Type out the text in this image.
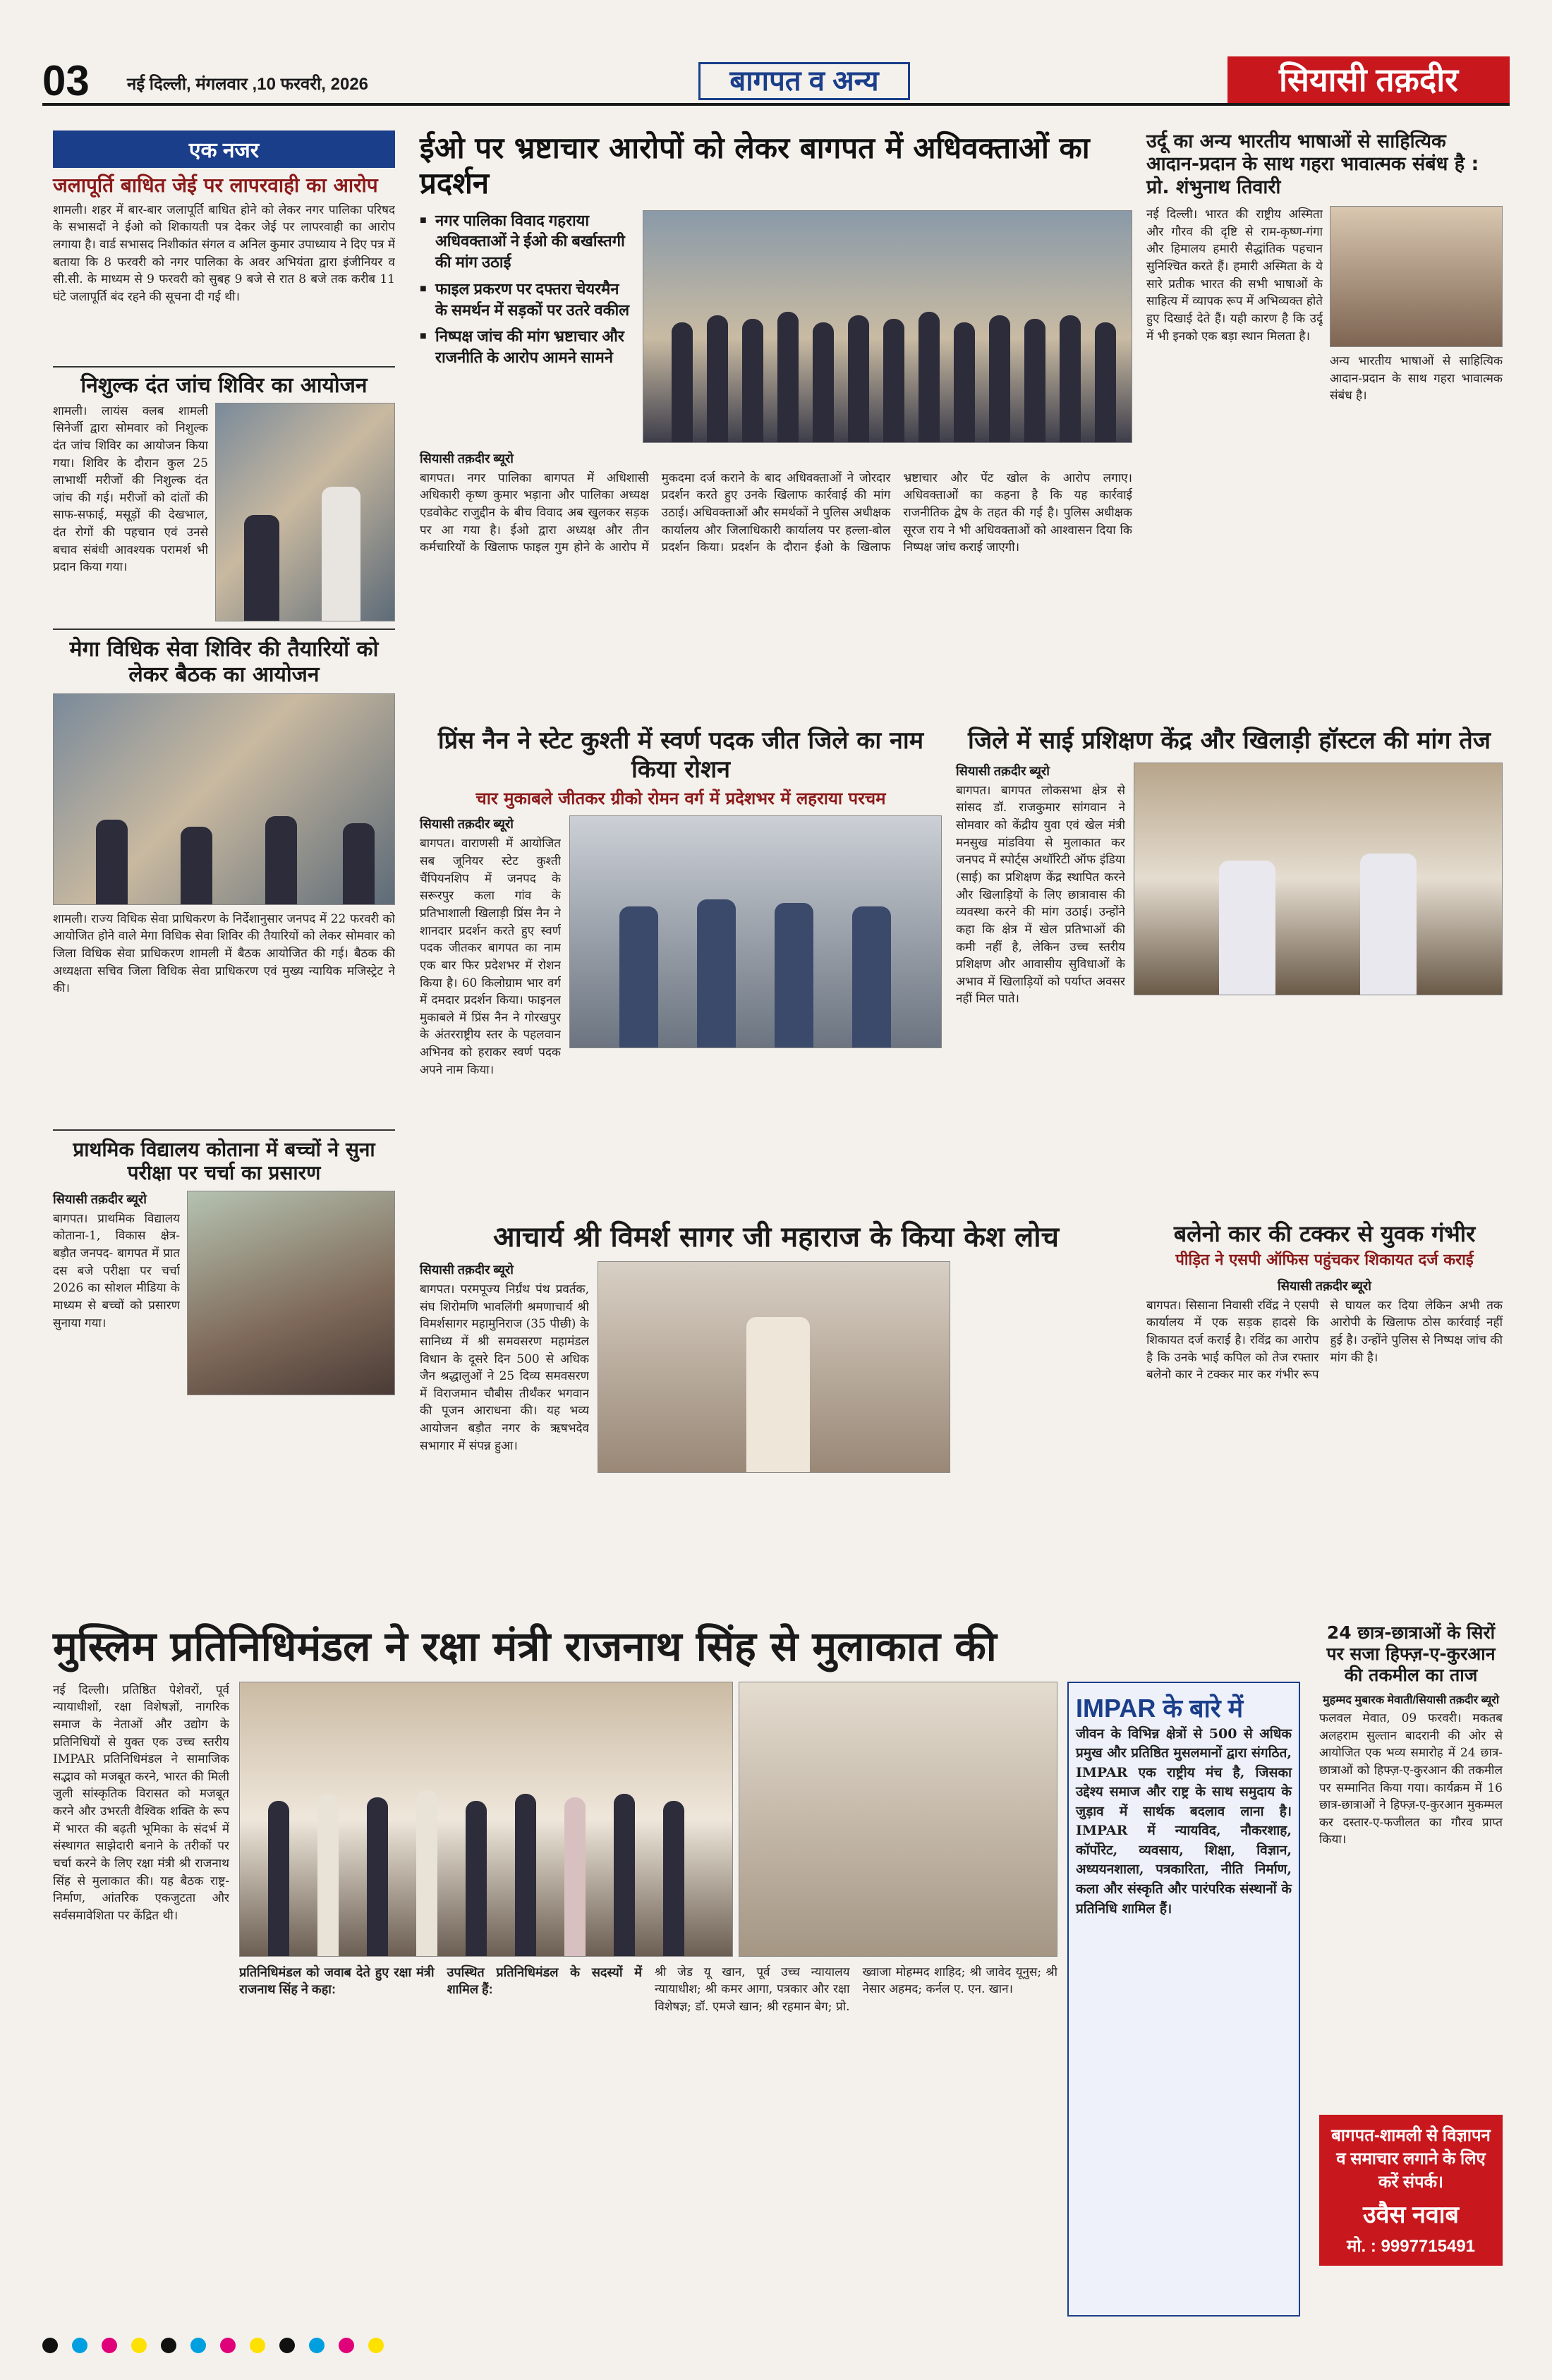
03 नई दिल्ली, मंगलवार ,10 फरवरी, 2026	बागपत व अन्य	सियासी तक़दीर
एक नजर
जलापूर्ति बाधित जेई पर लापरवाही का आरोप
शामली। शहर में बार-बार जलापूर्ति बाधित होने को लेकर नगर पालिका परिषद के सभासदों ने ईओ को शिकायती पत्र देकर जेई पर लापरवाही का आरोप लगाया है। वार्ड सभासद निशीकांत संगल व अनिल कुमार उपाध्याय ने दिए पत्र में बताया कि 8 फरवरी को नगर पालिका के अवर अभियंता द्वारा इंजीनियर व सी.सी. के माध्यम से 9 फरवरी को सुबह 9 बजे से रात 8 बजे तक करीब 11 घंटे जलापूर्ति बंद रहने की सूचना दी गई थी।
निशुल्क दंत जांच शिविर का आयोजन
शामली। लायंस क्लब शामली सिनेर्जी द्वारा सोमवार को निशुल्क दंत जांच शिविर का आयोजन किया गया। शिविर के दौरान कुल 25 लाभार्थी मरीजों की निशुल्क दंत जांच की गई। मरीजों को दांतों की साफ-सफाई, मसूड़ों की देखभाल, दंत रोगों की पहचान एवं उनसे बचाव संबंधी आवश्यक परामर्श भी प्रदान किया गया।
मेगा विधिक सेवा शिविर की तैयारियों को लेकर बैठक का आयोजन
शामली। राज्य विधिक सेवा प्राधिकरण के निर्देशानुसार जनपद में 22 फरवरी को आयोजित होने वाले मेगा विधिक सेवा शिविर की तैयारियों को लेकर सोमवार को जिला विधिक सेवा प्राधिकरण शामली में बैठक आयोजित की गई। बैठक की अध्यक्षता सचिव जिला विधिक सेवा प्राधिकरण एवं मुख्य न्यायिक मजिस्ट्रेट ने की।
प्राथमिक विद्यालय कोताना में बच्चों ने सुना परीक्षा पर चर्चा का प्रसारण
सियासी तक़दीर ब्यूरो
बागपत। प्राथमिक विद्यालय कोताना-1, विकास क्षेत्र- बड़ौत जनपद- बागपत में प्रात दस बजे परीक्षा पर चर्चा 2026 का सोशल मीडिया के माध्यम से बच्चों को प्रसारण सुनाया गया।
ईओ पर भ्रष्टाचार आरोपों को लेकर बागपत में अधिवक्ताओं का प्रदर्शन
■ नगर पालिका विवाद गहराया अधिवक्ताओं ने ईओ की बर्खास्तगी की मांग उठाई
■ फाइल प्रकरण पर दफ्तरा चेयरमैन के समर्थन में सड़कों पर उतरे वकील
■ निष्पक्ष जांच की मांग भ्रष्टाचार और राजनीति के आरोप आमने सामने
सियासी तक़दीर ब्यूरो
बागपत। नगर पालिका बागपत में अधिशासी अधिकारी कृष्ण कुमार भड़ाना और पालिका अध्यक्ष एडवोकेट राजुद्दीन के बीच विवाद अब खुलकर सड़क पर आ गया है। ईओ द्वारा अध्यक्ष और तीन कर्मचारियों के खिलाफ फाइल गुम होने के आरोप में मुकदमा दर्ज कराने के बाद अधिवक्ताओं ने जोरदार प्रदर्शन करते हुए उनके खिलाफ कार्रवाई की मांग उठाई। अधिवक्ताओं और समर्थकों ने पुलिस अधीक्षक कार्यालय और जिलाधिकारी कार्यालय पर हल्ला-बोल प्रदर्शन किया। प्रदर्शन के दौरान ईओ के खिलाफ भ्रष्टाचार और पेंट खोल के आरोप लगाए। अधिवक्ताओं का कहना है कि यह कार्रवाई राजनीतिक द्वेष के तहत की गई है। पुलिस अधीक्षक सूरज राय ने भी अधिवक्ताओं को आश्वासन दिया कि निष्पक्ष जांच कराई जाएगी।
उर्दू का अन्य भारतीय भाषाओं से साहित्यिक आदान-प्रदान के साथ गहरा भावात्मक संबंध है : प्रो. शंभुनाथ तिवारी
नई दिल्ली। भारत की राष्ट्रीय अस्मिता और गौरव की दृष्टि से राम-कृष्ण-गंगा और हिमालय हमारी सैद्धांतिक पहचान सुनिश्चित करते हैं। हमारी अस्मिता के ये सारे प्रतीक भारत की सभी भाषाओं के साहित्य में व्यापक रूप में अभिव्यक्त होते हुए दिखाई देते हैं। यही कारण है कि उर्दू में भी इनको एक बड़ा स्थान मिलता है।
अन्य भारतीय भाषाओं से साहित्यिक आदान-प्रदान के साथ गहरा भावात्मक संबंध है।
प्रिंस नैन ने स्टेट कुश्ती में स्वर्ण पदक जीत जिले का नाम किया रोशन
चार मुकाबले जीतकर ग्रीको रोमन वर्ग में प्रदेशभर में लहराया परचम
सियासी तक़दीर ब्यूरो
बागपत। वाराणसी में आयोजित सब जूनियर स्टेट कुश्ती चैंपियनशिप में जनपद के सरूरपुर कला गांव के प्रतिभाशाली खिलाड़ी प्रिंस नैन ने शानदार प्रदर्शन करते हुए स्वर्ण पदक जीतकर बागपत का नाम एक बार फिर प्रदेशभर में रोशन किया है। 60 किलोग्राम भार वर्ग में दमदार प्रदर्शन किया। फाइनल मुकाबले में प्रिंस नैन ने गोरखपुर के अंतरराष्ट्रीय स्तर के पहलवान अभिनव को हराकर स्वर्ण पदक अपने नाम किया।
जिले में साई प्रशिक्षण केंद्र और खिलाड़ी हॉस्टल की मांग तेज
सियासी तक़दीर ब्यूरो
बागपत। बागपत लोकसभा क्षेत्र से सांसद डॉ. राजकुमार सांगवान ने सोमवार को केंद्रीय युवा एवं खेल मंत्री मनसुख मांडविया से मुलाकात कर जनपद में स्पोर्ट्स अथॉरिटी ऑफ इंडिया (साई) का प्रशिक्षण केंद्र स्थापित करने और खिलाड़ियों के लिए छात्रावास की व्यवस्था करने की मांग उठाई। उन्होंने कहा कि क्षेत्र में खेल प्रतिभाओं की कमी नहीं है, लेकिन उच्च स्तरीय प्रशिक्षण और आवासीय सुविधाओं के अभाव में खिलाड़ियों को पर्याप्त अवसर नहीं मिल पाते।
आचार्य श्री विमर्श सागर जी महाराज के किया केश लोच
सियासी तक़दीर ब्यूरो
बागपत। परमपूज्य निर्ग्रंथ पंथ प्रवर्तक, संघ शिरोमणि भावलिंगी श्रमणाचार्य श्री विमर्शसागर महामुनिराज (35 पीछी) के सानिध्य में श्री समवसरण महामंडल विधान के दूसरे दिन 500 से अधिक जैन श्रद्धालुओं ने 25 दिव्य समवसरण में विराजमान चौबीस तीर्थंकर भगवान की पूजन आराधना की। यह भव्य आयोजन बड़ौत नगर के ऋषभदेव सभागार में संपन्न हुआ।
बलेनो कार की टक्कर से युवक गंभीर
पीड़ित ने एसपी ऑफिस पहुंचकर शिकायत दर्ज कराई
सियासी तक़दीर ब्यूरो
बागपत। सिसाना निवासी रविंद्र ने एसपी कार्यालय में एक सड़क हादसे कि शिकायत दर्ज कराई है। रविंद्र का आरोप है कि उनके भाई कपिल को तेज रफ्तार बलेनो कार ने टक्कर मार कर गंभीर रूप से घायल कर दिया लेकिन अभी तक आरोपी के खिलाफ ठोस कार्रवाई नहीं हुई है। उन्होंने पुलिस से निष्पक्ष जांच की मांग की है।
मुस्लिम प्रतिनिधिमंडल ने रक्षा मंत्री राजनाथ सिंह से मुलाकात की
नई दिल्ली। प्रतिष्ठित पेशेवरों, पूर्व न्यायाधीशों, रक्षा विशेषज्ञों, नागरिक समाज के नेताओं और उद्योग के प्रतिनिधियों से युक्त एक उच्च स्तरीय IMPAR प्रतिनिधिमंडल ने सामाजिक सद्भाव को मजबूत करने, भारत की मिली जुली सांस्कृतिक विरासत को मजबूत करने और उभरती वैश्विक शक्ति के रूप में भारत की बढ़ती भूमिका के संदर्भ में संस्थागत साझेदारी बनाने के तरीकों पर चर्चा करने के लिए रक्षा मंत्री श्री राजनाथ सिंह से मुलाकात की। यह बैठक राष्ट्र-निर्माण, आंतरिक एकजुटता और सर्वसमावेशिता पर केंद्रित थी।

प्रतिनिधिमंडल को जवाब देते हुए रक्षा मंत्री राजनाथ सिंह ने कहा:

उपस्थित प्रतिनिधिमंडल के सदस्यों में शामिल हैं:

श्री जेड यू खान, पूर्व उच्च न्यायालय न्यायाधीश; श्री कमर आगा, पत्रकार और रक्षा विशेषज्ञ; डॉ. एमजे खान; श्री रहमान बेग; प्रो. ख्वाजा मोहम्मद शाहिद; श्री जावेद यूनुस; श्री नेसार अहमद; कर्नल ए. एन. खान।

IMPAR के बारे में
जीवन के विभिन्न क्षेत्रों से 500 से अधिक प्रमुख और प्रतिष्ठित मुसलमानों द्वारा संगठित, IMPAR एक राष्ट्रीय मंच है, जिसका उद्देश्य समाज और राष्ट्र के साथ समुदाय के जुड़ाव में सार्थक बदलाव लाना है। IMPAR में न्यायविद, नौकरशाह, कॉर्पोरेट, व्यवसाय, शिक्षा, विज्ञान, अध्ययनशाला, पत्रकारिता, नीति निर्माण, कला और संस्कृति और पारंपरिक संस्थानों के प्रतिनिधि शामिल हैं।
24 छात्र-छात्राओं के सिरों पर सजा हिफ्ज़-ए-कुरआन की तकमील का ताज
मुहम्मद मुबारक मेवाती/सियासी तक़दीर ब्यूरो
फलवल मेवात, 09 फरवरी। मकतब अलहराम सुल्तान बादरानी की ओर से आयोजित एक भव्य समारोह में 24 छात्र-छात्राओं को हिफ्ज़-ए-कुरआन की तकमील पर सम्मानित किया गया। कार्यक्रम में 16 छात्र-छात्राओं ने हिफ्ज़-ए-कुरआन मुकम्मल कर दस्तार-ए-फजीलत का गौरव प्राप्त किया।
बागपत-शामली से विज्ञापन व समाचार लगाने के लिए करें संपर्क।
उवैस नवाब
मो. : 9997715491
